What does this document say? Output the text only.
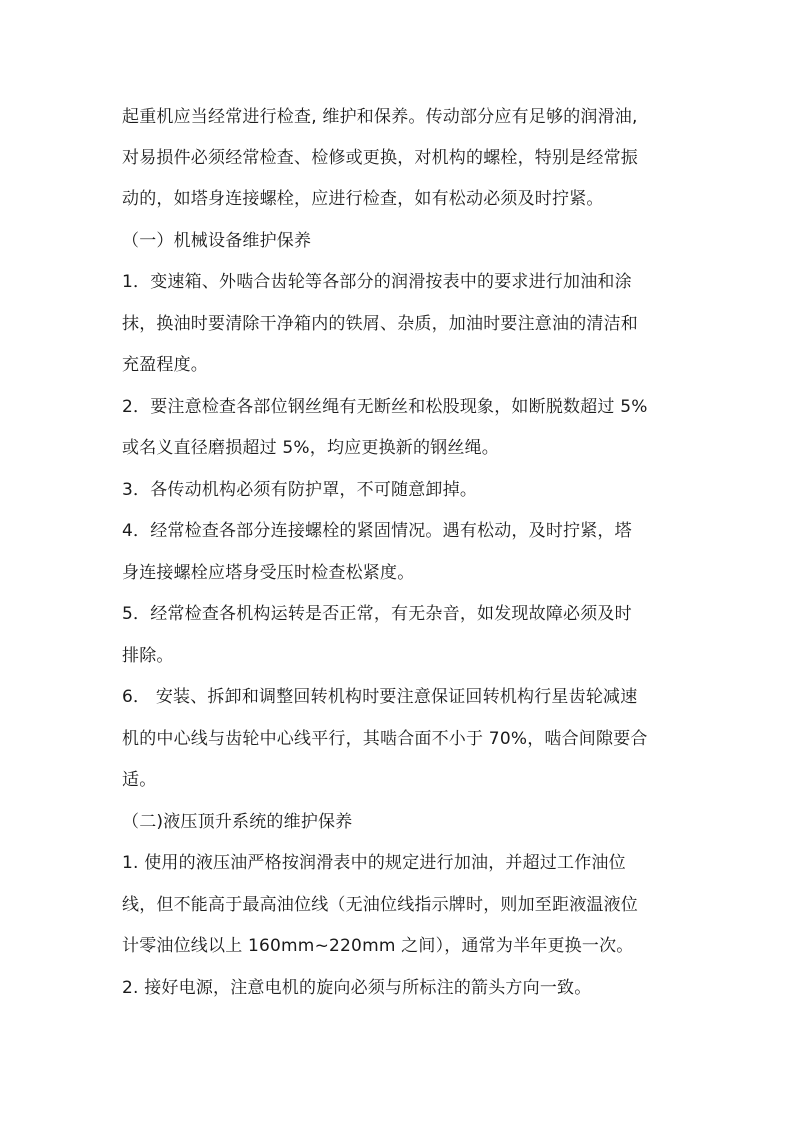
起重机应当经常进行检查, 维护和保养。传动部分应有足够的润滑油,
对易损件必须经常检查、检修或更换，对机构的螺栓，特别是经常振
动的，如塔身连接螺栓，应进行检查，如有松动必须及时拧紧。
（一）机械设备维护保养
1．变速箱、外啮合齿轮等各部分的润滑按表中的要求进行加油和涂
抹，换油时要清除干净箱内的铁屑、杂质，加油时要注意油的清洁和
充盈程度。
2．要注意检查各部位钢丝绳有无断丝和松股现象，如断脱数超过 5%
或名义直径磨损超过 5%，均应更换新的钢丝绳。
3．各传动机构必须有防护罩，不可随意卸掉。
4．经常检查各部分连接螺栓的紧固情况。遇有松动，及时拧紧，塔
身连接螺栓应塔身受压时检查松紧度。
5．经常检查各机构运转是否正常，有无杂音，如发现故障必须及时
排除。
6． 安装、拆卸和调整回转机构时要注意保证回转机构行星齿轮减速
机的中心线与齿轮中心线平行，其啮合面不小于 70%，啮合间隙要合
适。
（二)液压顶升系统的维护保养
1. 使用的液压油严格按润滑表中的规定进行加油，并超过工作油位
线，但不能高于最高油位线（无油位线指示牌时，则加至距液温液位
计零油位线以上 160mm~220mm 之间），通常为半年更换一次。
2. 接好电源，注意电机的旋向必须与所标注的箭头方向一致。
